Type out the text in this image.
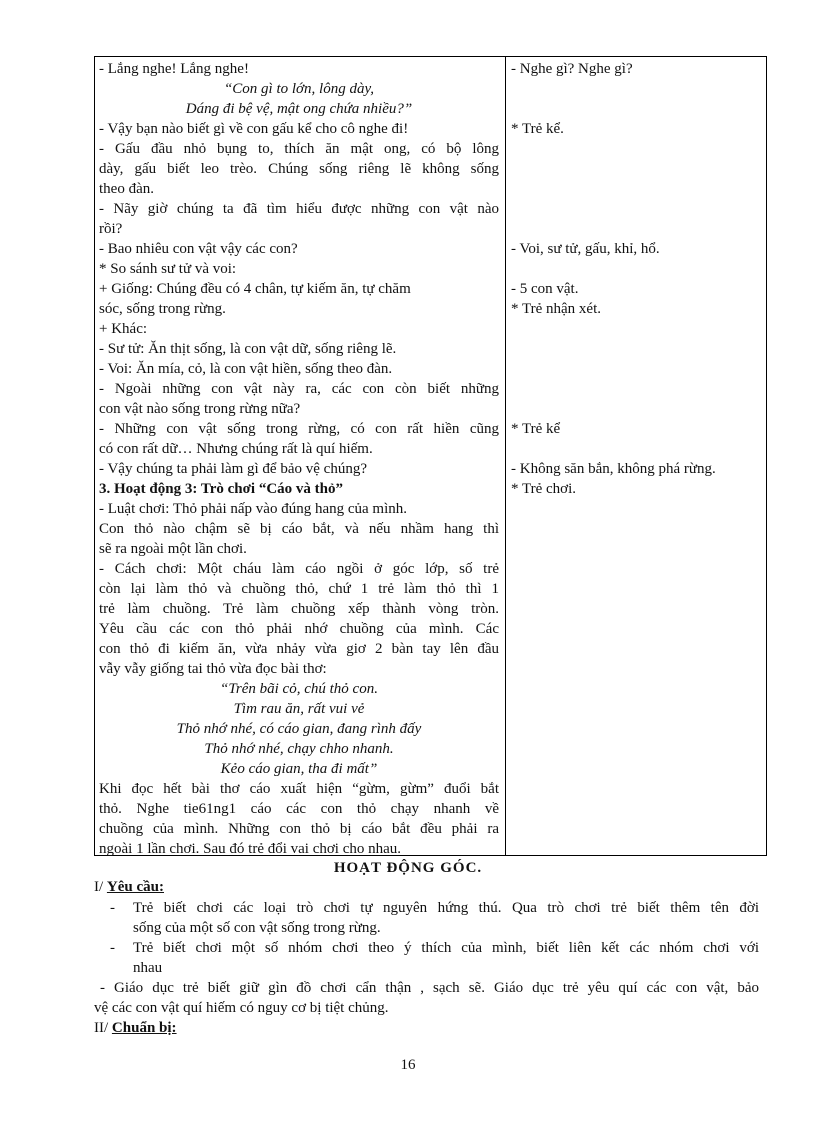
- Lắng nghe! Lắng nghe!
“Con gì to lớn, lông dày,
Dáng đi bệ vệ, mật ong chứa nhiều?”
- Vậy bạn nào biết gì về con gấu kể cho cô nghe đi!
- Gấu đầu nhỏ bụng to, thích ăn mật ong, có bộ lông
dày, gấu biết leo trèo. Chúng sống riêng lẽ không sống
theo đàn.
- Nãy giờ chúng ta đã tìm hiểu được những con vật nào
rồi?
- Bao nhiêu con vật vậy các con?
* So sánh sư tử và voi:
+ Giống: Chúng đều có 4 chân, tự kiếm ăn, tự chăm
sóc, sống trong rừng.
+ Khác:
- Sư tử: Ăn thịt sống, là con vật dữ, sống riêng lẽ.
- Voi: Ăn mía, cỏ, là con vật hiền, sống theo đàn.
- Ngoài những con vật này ra, các con còn biết những
con vật nào sống trong rừng nữa?
- Những con vật sống trong rừng, có con rất hiền cũng
có con rất dữ… Nhưng chúng rất là quí hiếm.
- Vậy chúng ta phải làm gì để bảo vệ chúng?
3. Hoạt động 3: Trò chơi “Cáo và thỏ”
- Luật chơi: Thỏ phải nấp vào đúng hang của mình.
Con thỏ nào chậm sẽ bị cáo bắt, và nếu nhầm hang thì
sẽ ra ngoài một lần chơi.
- Cách chơi: Một cháu làm cáo ngồi ở góc lớp, số trẻ
còn lại làm thỏ và chuồng thỏ, chứ 1 trẻ làm thỏ thì 1
trẻ làm chuồng. Trẻ làm chuồng xếp thành vòng tròn.
Yêu cầu các con thỏ phải nhớ chuồng của mình. Các
con thỏ đi kiếm ăn, vừa nhảy vừa giơ 2 bàn tay lên đầu
vẫy vẫy giống tai thỏ vừa đọc bài thơ:
“Trên bãi cỏ, chú thỏ con.
Tìm rau ăn, rất vui vẻ
Thỏ nhớ nhé, có cáo gian, đang rình đấy
Thỏ nhớ nhé, chạy chho nhanh.
Kẻo cáo gian, tha đi mất”
Khi đọc hết bài thơ cáo xuất hiện “gừm, gừm” đuổi bắt
thỏ. Nghe tie61ng1 cáo các con thỏ chạy nhanh về
chuồng của mình. Những con thỏ bị cáo bắt đều phải ra
ngoài 1 lần chơi. Sau đó trẻ đổi vai chơi cho nhau.
- Nghe gì? Nghe gì?
* Trẻ kể.
- Voi, sư tử, gấu, khỉ, hổ.
- 5 con vật.
* Trẻ nhận xét.
* Trẻ kể
- Không săn bắn, không phá rừng.
* Trẻ chơi.
HOẠT ĐỘNG GÓC.
I/ Yêu cầu:
- Trẻ biết chơi các loại trò chơi tự nguyên hứng thú. Qua trò chơi trẻ biết thêm tên đời
sống của một số con vật sống trong rừng.
- Trẻ biết chơi một số nhóm chơi theo ý thích của mình, biết liên kết các nhóm chơi với
nhau
- Giáo dục trẻ biết giữ gìn đồ chơi cẩn thận , sạch sẽ. Giáo dục trẻ yêu quí các con vật, bảo
vệ các con vật quí hiếm có nguy cơ bị tiệt chủng.
II/ Chuẩn bị:
16
